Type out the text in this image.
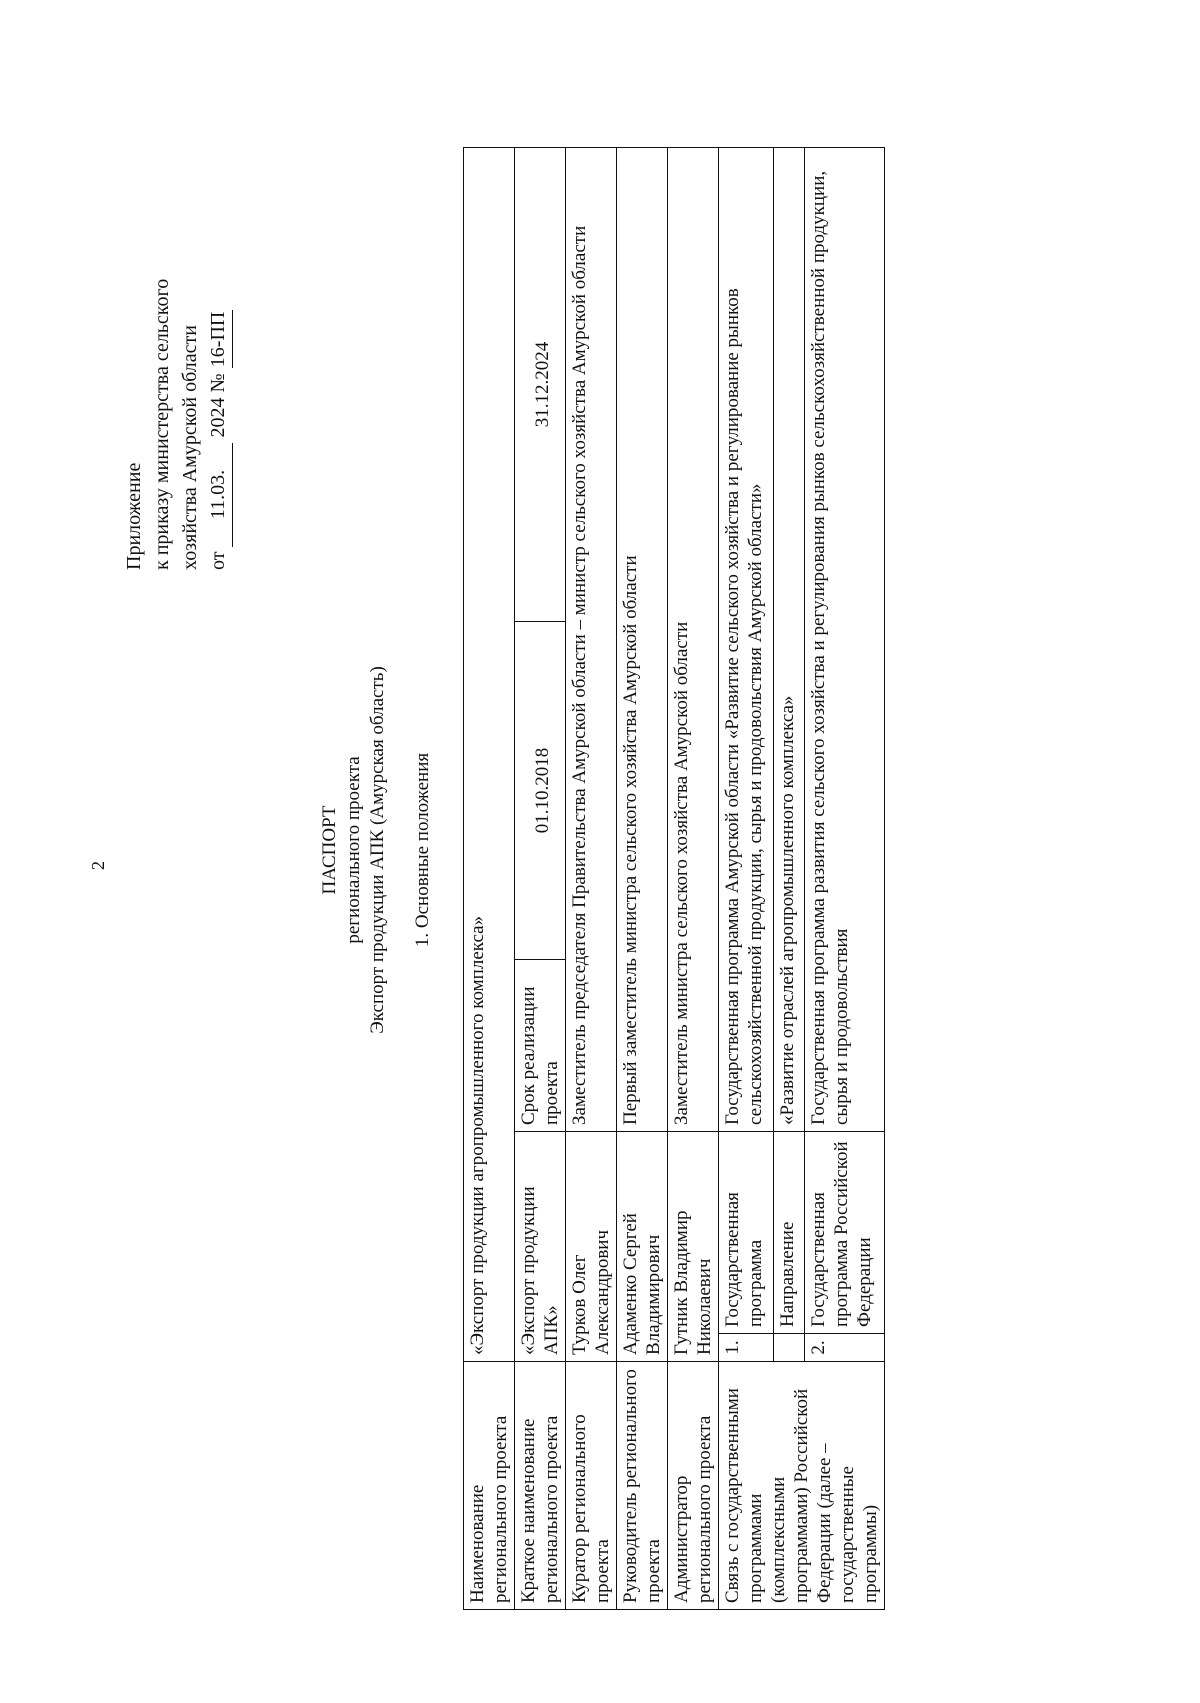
2
Приложение к приказу министерства сельского хозяйства Амурской области от 11.03. 2024 № 16-ПП
ПАСПОРТ регионального проекта Экспорт продукции АПК (Амурская область) 1. Основные положения
Наименование регионального проекта	«Экспорт продукции агропромышленного комплекса»				
Краткое наименование регионального проекта	«Экспорт продукции АПК»		Срок реализации проекта	01.10.2018	31.12.2024
Куратор регионального проекта	Турков Олег Александрович		Заместитель председателя Правительства Амурской области – министр сельского хозяйства Амурской области		
Руководитель регионального проекта	Адаменко Сергей Владимирович		Первый заместитель министра сельского хозяйства Амурской области		
Администратор регионального проекта	Гутник Владимир Николаевич		Заместитель министра сельского хозяйства Амурской области		
Связь с государственными программами (комплексными программами) Российской Федерации (далее – государственные программы)	1.	Государственная программа	Государственная программа Амурской области «Развитие сельского хозяйства и регулирование рынков сельскохозяйственной продукции, сырья и продовольствия Амурской области»		
		Направление	«Развитие отраслей агропромышленного комплекса»		
	2.	Государственная программа Российской Федерации	Государственная программа развития сельского хозяйства и регулирования рынков сельскохозяйственной продукции, сырья и продовольствия		
